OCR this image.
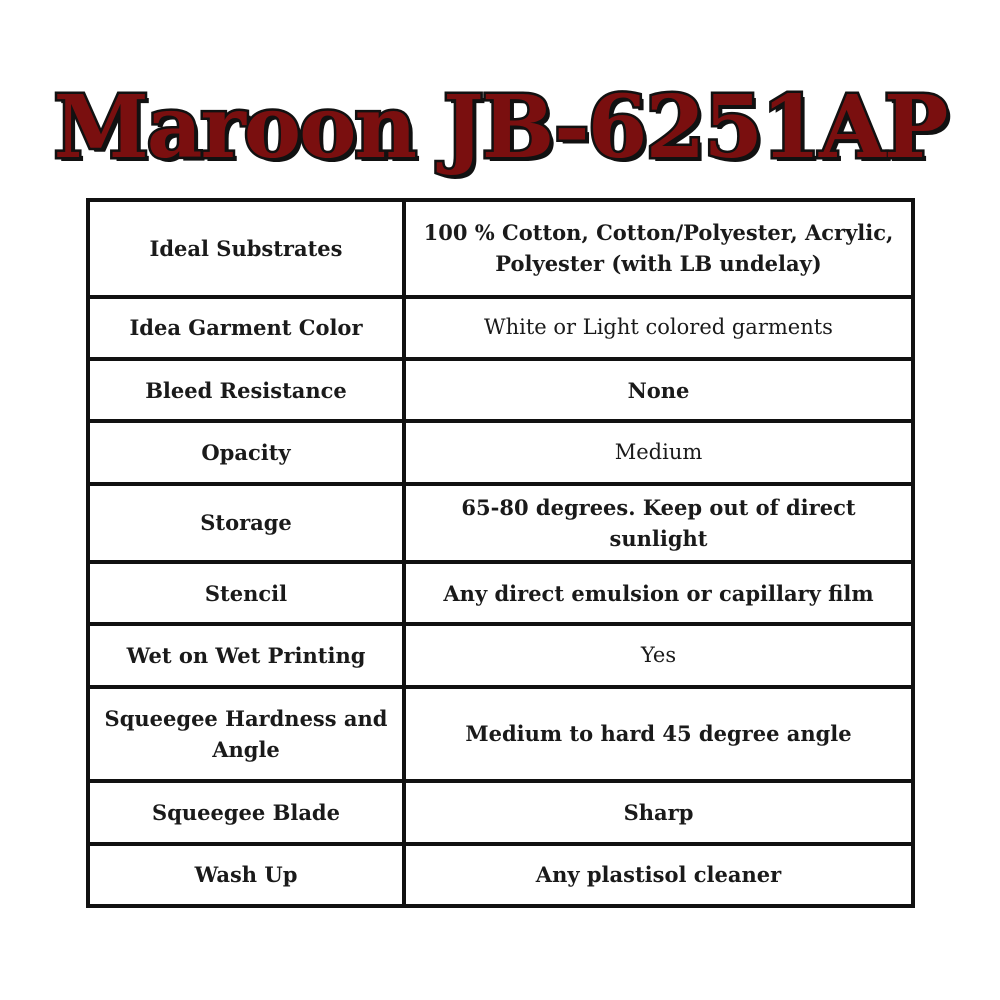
Maroon JB-6251AP
Ideal Substrates	100 % Cotton, Cotton/Polyester, Acrylic, Polyester (with LB undelay)
Idea Garment Color	White or Light colored garments
Bleed Resistance	None
Opacity	Medium
Storage	65-80 degrees. Keep out of direct sunlight
Stencil	Any direct emulsion or capillary film
Wet on Wet Printing	Yes
Squeegee Hardness and Angle	Medium to hard 45 degree angle
Squeegee Blade	Sharp
Wash Up	Any plastisol cleaner
